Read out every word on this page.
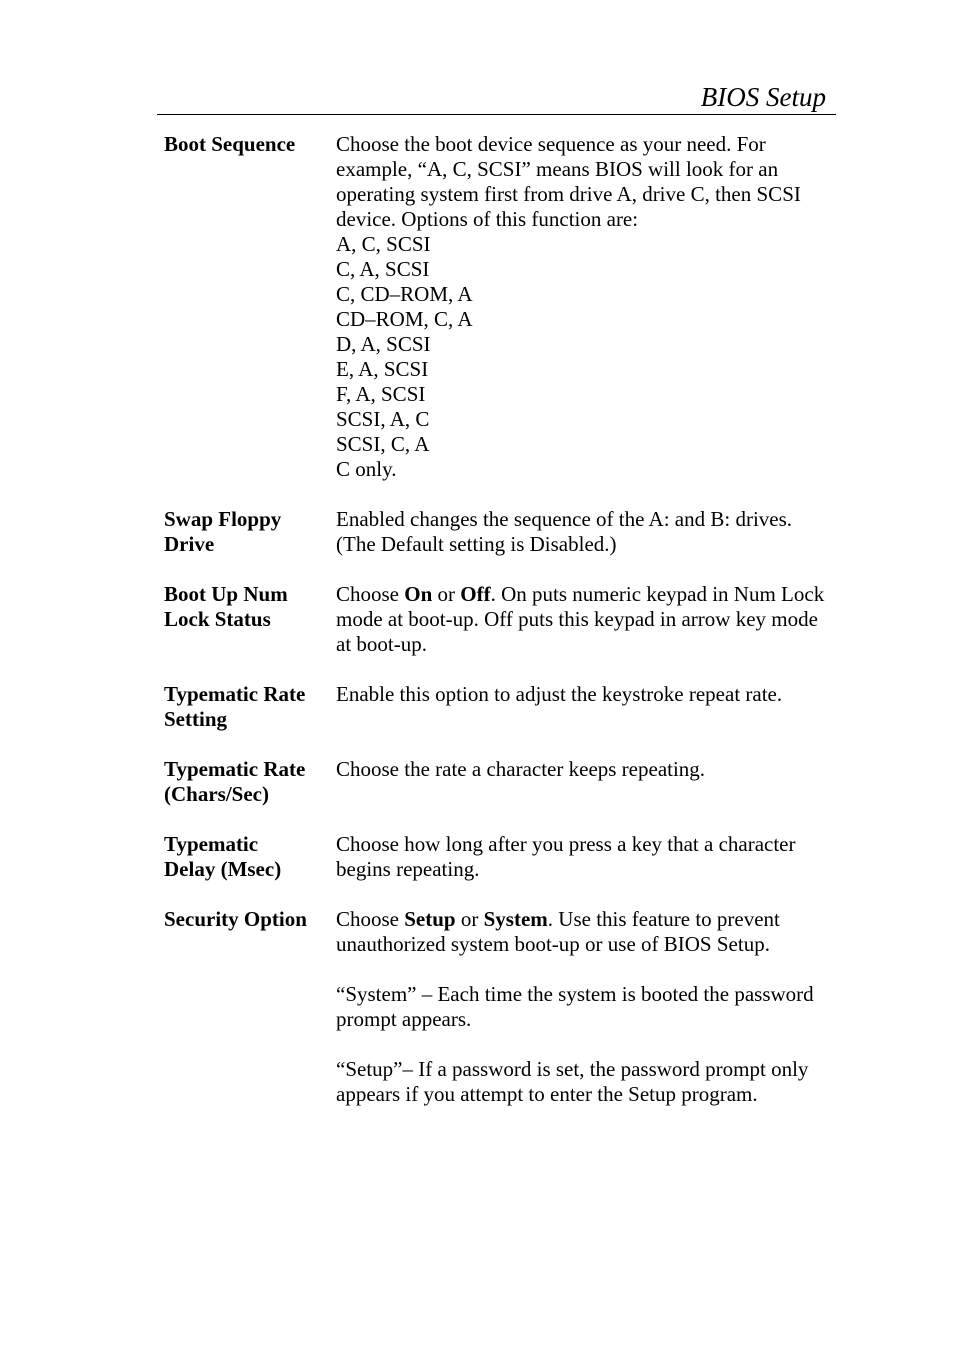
BIOS Setup
Boot Sequence	Choose the boot device sequence as your need. For example, “A, C, SCSI” means BIOS will look for an operating system first from drive A, drive C, then SCSI device. Options of this function are:

A, C, SCSI
C, A, SCSI
C, CD–ROM, A
CD–ROM, C, A
D, A, SCSI
E, A, SCSI
F, A, SCSI
SCSI, A, C
SCSI, C, A
C only.
Swap Floppy
Drive

Enabled changes the sequence of the A: and B: drives. (The Default setting is Disabled.)

Boot Up Num
Lock Status

Choose On or Off. On puts numeric keypad in Num Lock mode at boot-up. Off puts this keypad in arrow key mode at boot-up.

Typematic Rate
Setting

Enable this option to adjust the keystroke repeat rate.

Typematic Rate
(Chars/Sec)

Choose the rate a character keeps repeating.

Typematic
Delay (Msec)

Choose how long after you press a key that a character begins repeating.

Security Option	Choose Setup or System. Use this feature to prevent unauthorized system boot-up or use of BIOS Setup.

“System” – Each time the system is booted the password prompt appears.

“Setup”– If a password is set, the password prompt only appears if you attempt to enter the Setup program.
